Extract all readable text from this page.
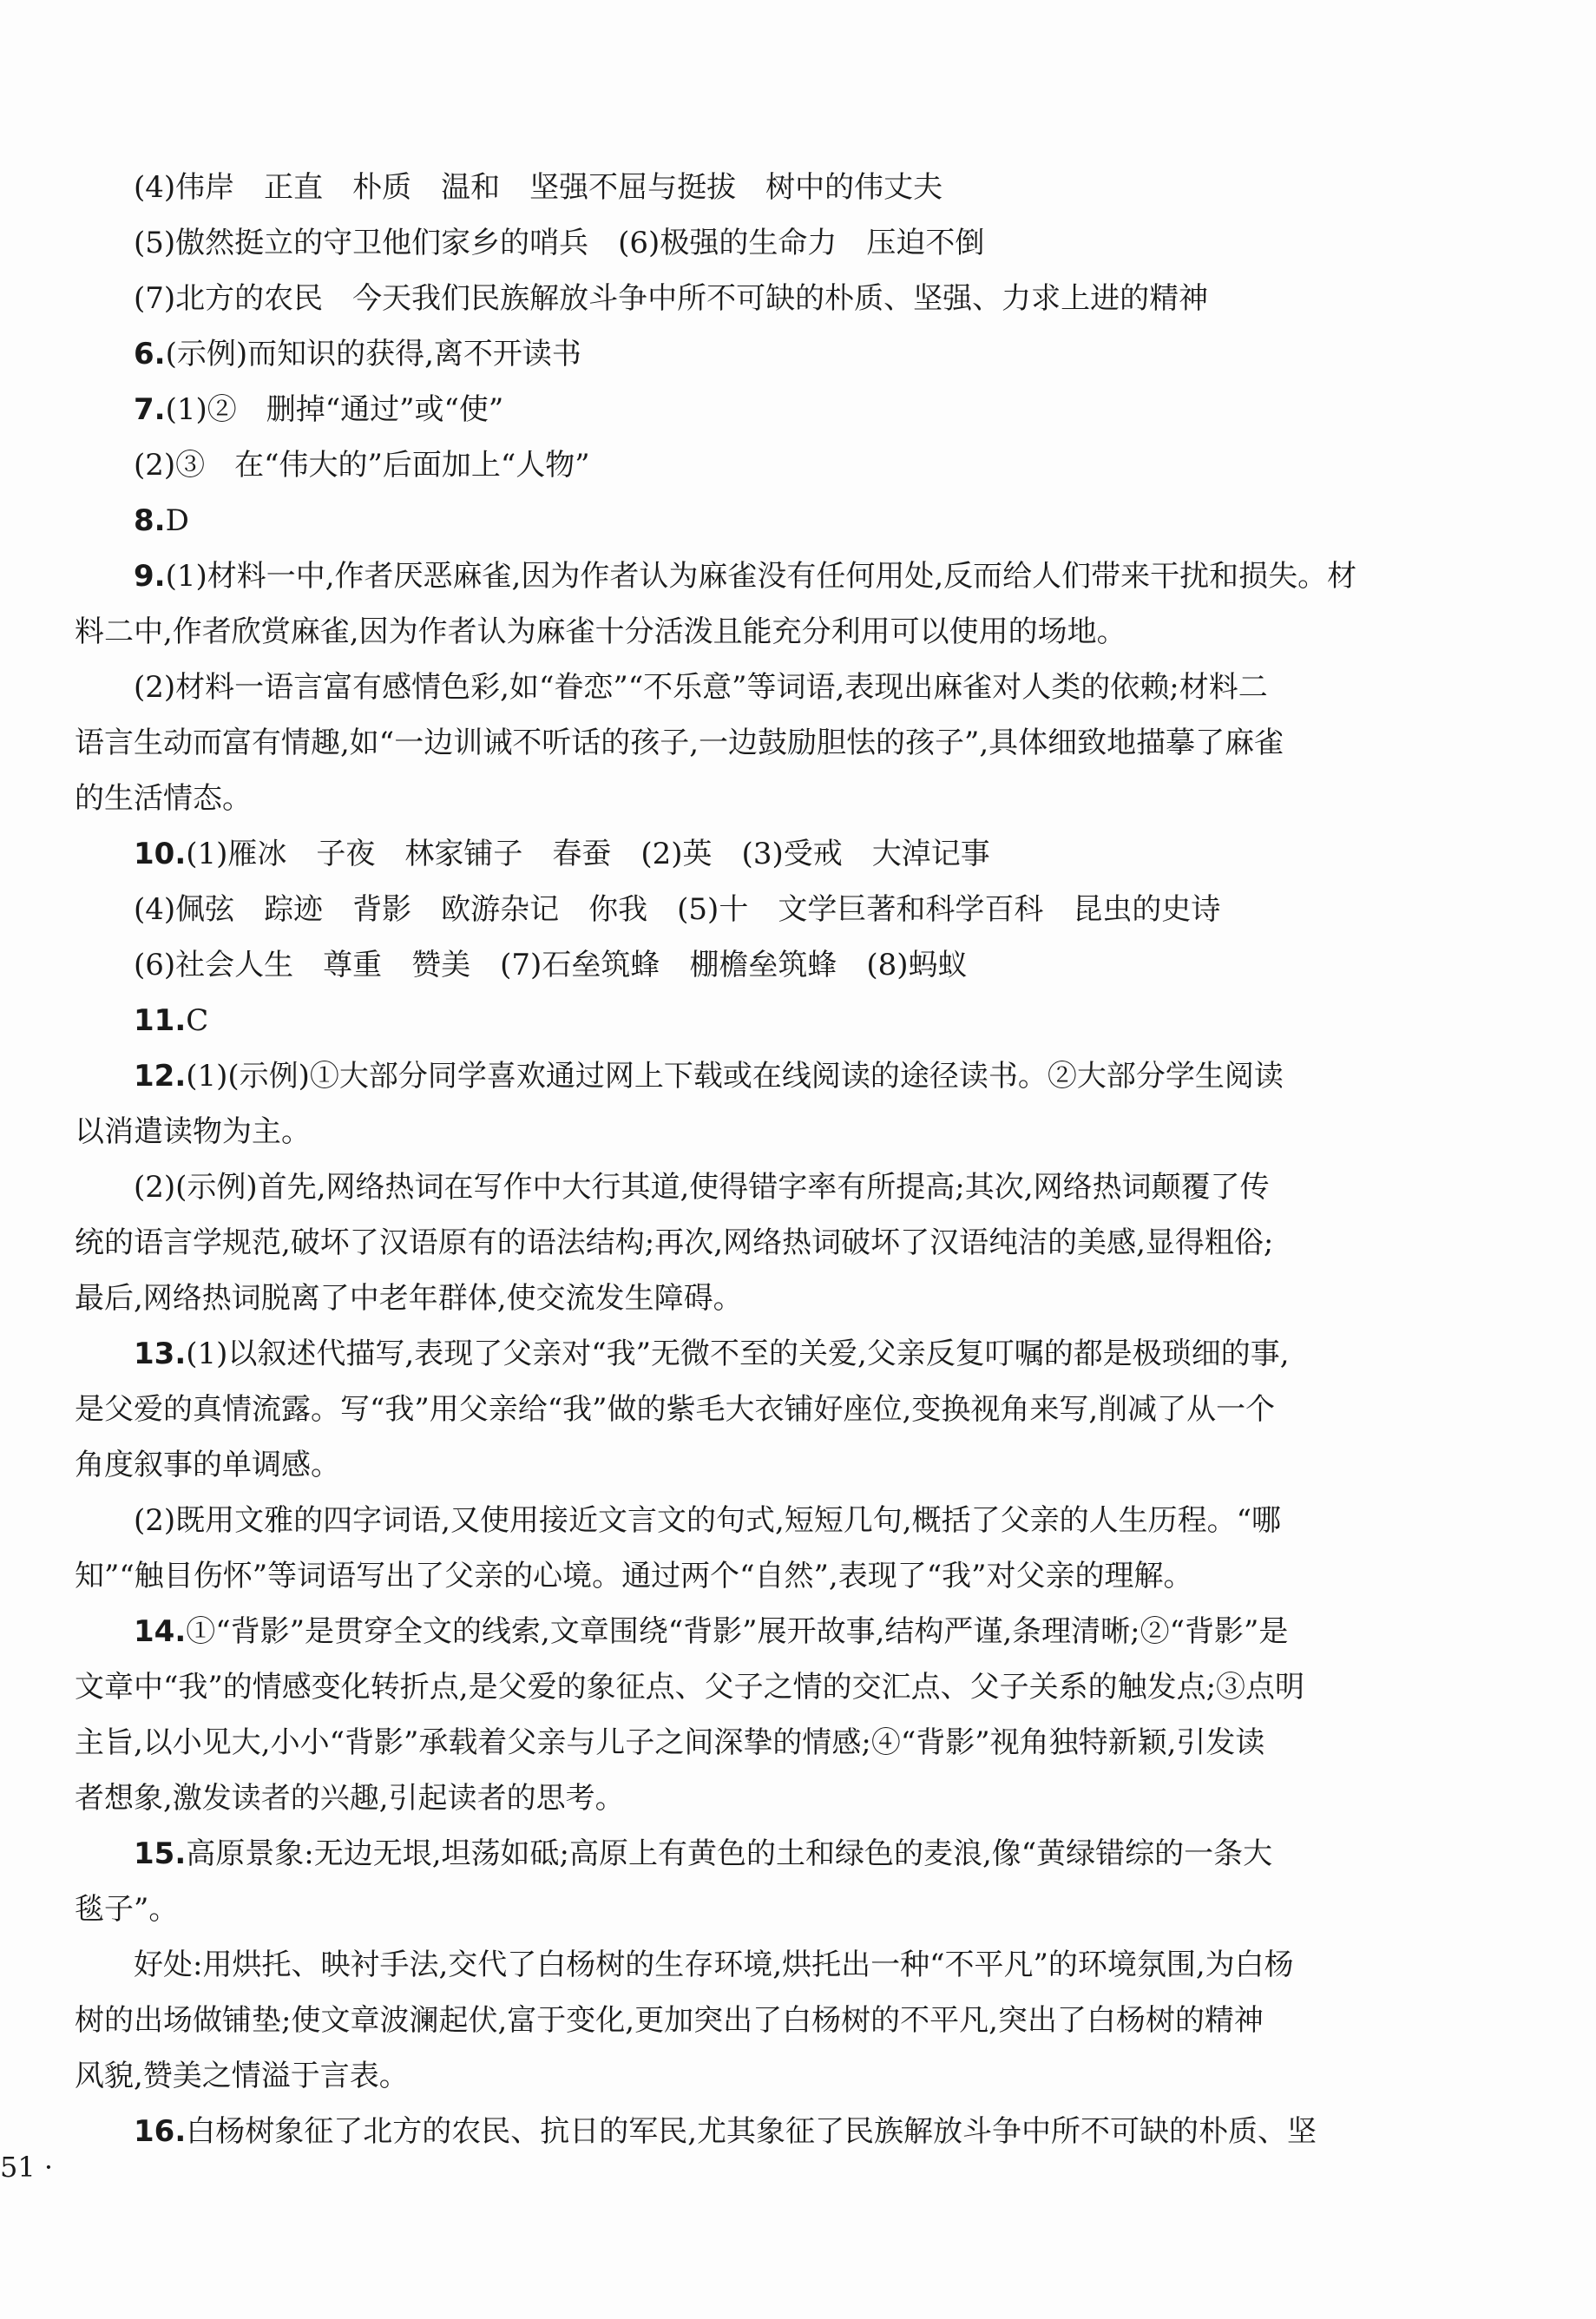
(4)伟岸　正直　朴质　温和　坚强不屈与挺拔　树中的伟丈夫
(5)傲然挺立的守卫他们家乡的哨兵　(6)极强的生命力　压迫不倒
(7)北方的农民　今天我们民族解放斗争中所不可缺的朴质、坚强、力求上进的精神
6.(示例)而知识的获得,离不开读书
7.(1)②　删掉“通过”或“使”
(2)③　在“伟大的”后面加上“人物”
8.D
9.(1)材料一中,作者厌恶麻雀,因为作者认为麻雀没有任何用处,反而给人们带来干扰和损失。材
料二中,作者欣赏麻雀,因为作者认为麻雀十分活泼且能充分利用可以使用的场地。
(2)材料一语言富有感情色彩,如“眷恋”“不乐意”等词语,表现出麻雀对人类的依赖;材料二
语言生动而富有情趣,如“一边训诫不听话的孩子,一边鼓励胆怯的孩子”,具体细致地描摹了麻雀
的生活情态。
10.(1)雁冰　子夜　林家铺子　春蚕　(2)英　(3)受戒　大淖记事
(4)佩弦　踪迹　背影　欧游杂记　你我　(5)十　文学巨著和科学百科　昆虫的史诗
(6)社会人生　尊重　赞美　(7)石垒筑蜂　棚檐垒筑蜂　(8)蚂蚁
11.C
12.(1)(示例)①大部分同学喜欢通过网上下载或在线阅读的途径读书。②大部分学生阅读
以消遣读物为主。
(2)(示例)首先,网络热词在写作中大行其道,使得错字率有所提高;其次,网络热词颠覆了传
统的语言学规范,破坏了汉语原有的语法结构;再次,网络热词破坏了汉语纯洁的美感,显得粗俗;
最后,网络热词脱离了中老年群体,使交流发生障碍。
13.(1)以叙述代描写,表现了父亲对“我”无微不至的关爱,父亲反复叮嘱的都是极琐细的事,
是父爱的真情流露。写“我”用父亲给“我”做的紫毛大衣铺好座位,变换视角来写,削减了从一个
角度叙事的单调感。
(2)既用文雅的四字词语,又使用接近文言文的句式,短短几句,概括了父亲的人生历程。“哪
知”“触目伤怀”等词语写出了父亲的心境。通过两个“自然”,表现了“我”对父亲的理解。
14.①“背影”是贯穿全文的线索,文章围绕“背影”展开故事,结构严谨,条理清晰;②“背影”是
文章中“我”的情感变化转折点,是父爱的象征点、父子之情的交汇点、父子关系的触发点;③点明
主旨,以小见大,小小“背影”承载着父亲与儿子之间深挚的情感;④“背影”视角独特新颖,引发读
者想象,激发读者的兴趣,引起读者的思考。
15.高原景象:无边无垠,坦荡如砥;高原上有黄色的土和绿色的麦浪,像“黄绿错综的一条大
毯子”。
好处:用烘托、映衬手法,交代了白杨树的生存环境,烘托出一种“不平凡”的环境氛围,为白杨
树的出场做铺垫;使文章波澜起伏,富于变化,更加突出了白杨树的不平凡,突出了白杨树的精神
风貌,赞美之情溢于言表。
16.白杨树象征了北方的农民、抗日的军民,尤其象征了民族解放斗争中所不可缺的朴质、坚
51 ·
